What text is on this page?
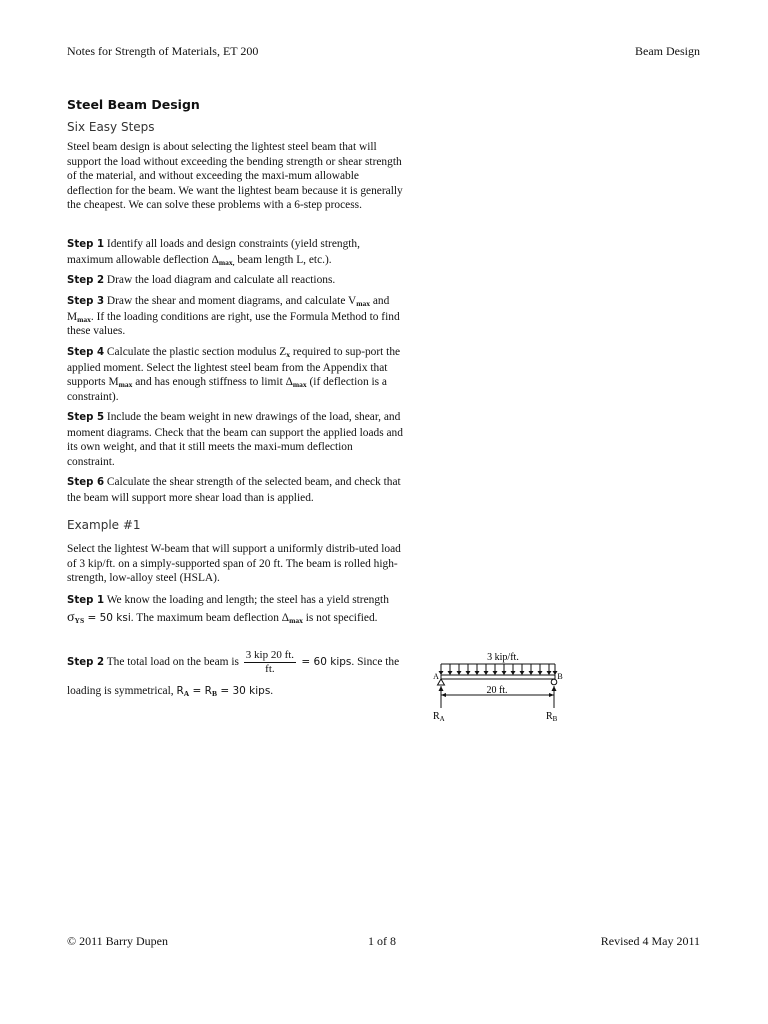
Notes for Strength of Materials, ET 200	Beam Design
Steel Beam Design
Six Easy Steps
Steel beam design is about selecting the lightest steel beam that will support the load without exceeding the bending strength or shear strength of the material, and without exceeding the maxi-mum allowable deflection for the beam. We want the lightest beam because it is generally the cheapest. We can solve these problems with a 6-step process.
Step 1 Identify all loads and design constraints (yield strength, maximum allowable deflection $\Delta_{max,}$ beam length L, etc.).
Step 2 Draw the load diagram and calculate all reactions.
Step 3 Draw the shear and moment diagrams, and calculate $V_{max}$ and $M_{max}$. If the loading conditions are right, use the Formula Method to find these values.
Step 4 Calculate the plastic section modulus $Z_x$ required to sup-port the applied moment. Select the lightest steel beam from the Appendix that supports $M_{max}$ and has enough stiffness to limit $\Delta_{max}$ (if deflection is a constraint).
Step 5 Include the beam weight in new drawings of the load, shear, and moment diagrams. Check that the beam can support the applied loads and its own weight, and that it still meets the maxi-mum deflection constraint.
Step 6 Calculate the shear strength of the selected beam, and check that the beam will support more shear load than is applied.
Example #1
Select the lightest W-beam that will support a uniformly distrib-uted load of 3 kip/ft. on a simply-supported span of 20 ft. The beam is rolled high-strength, low-alloy steel (HSLA).
Step 1 We know the loading and length; the steel has a yield strength $\sigma_{YS} = 50$ ksi. The maximum beam deflection $\Delta_{max}$ is not specified.
Step 2 The total load on the beam is $\frac{\text{3 kip 20 ft.}}{ft.} = 60$ kips. Since the loading is symmetrical, $R_A = R_B = 30$ kips.
3 kip/ft.
A	B
20 ft.
$R_A$	$R_B$
© 2011 Barry Dupen	1 of 8	Revised 4 May 2011
